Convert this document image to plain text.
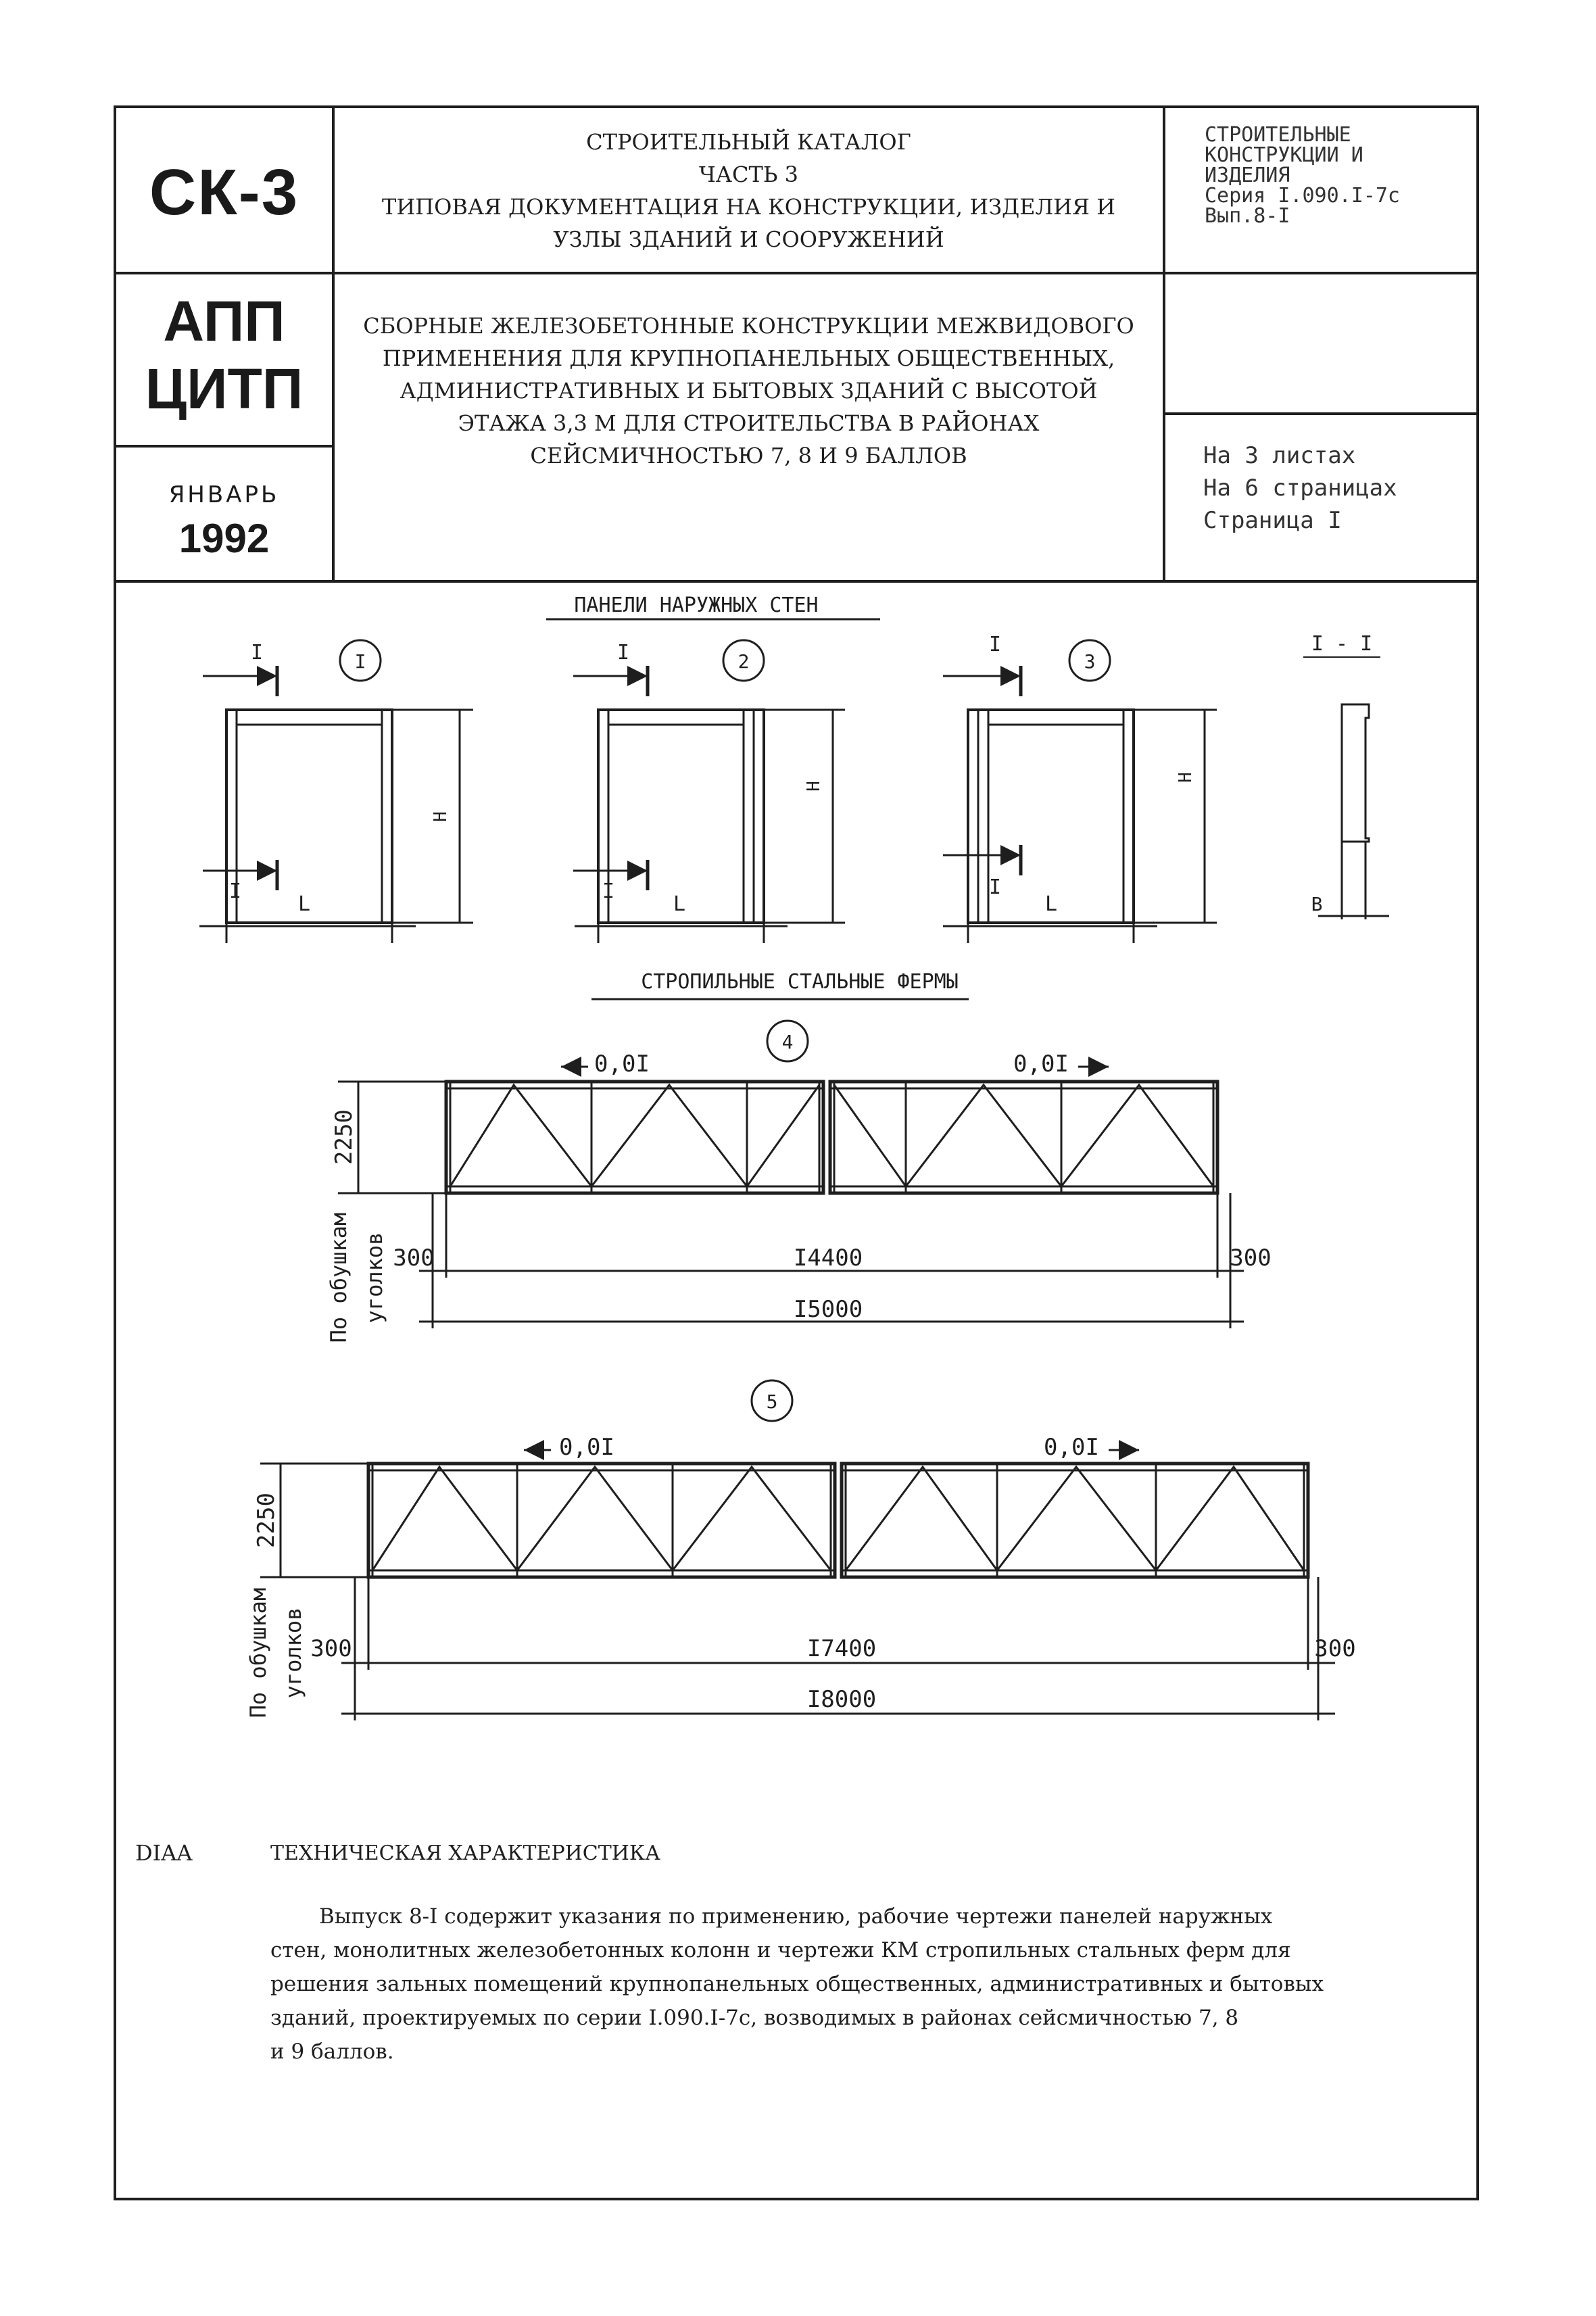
СК-3
АПП
ЦИТП
ЯНВАРЬ
1992
СТРОИТЕЛЬНЫЙ КАТАЛОГ
ЧАСТЬ 3
ТИПОВАЯ ДОКУМЕНТАЦИЯ НА КОНСТРУКЦИИ, ИЗДЕЛИЯ И
УЗЛЫ ЗДАНИЙ И СООРУЖЕНИЙ
СТРОИТЕЛЬНЫЕ
КОНСТРУКЦИИ И
ИЗДЕЛИЯ
Серия I.090.I-7с
Вып.8-I
СБОРНЫЕ ЖЕЛЕЗОБЕТОННЫЕ КОНСТРУКЦИИ МЕЖВИДОВОГО
ПРИМЕНЕНИЯ ДЛЯ КРУПНОПАНЕЛЬНЫХ ОБЩЕСТВЕННЫХ,
АДМИНИСТРАТИВНЫХ И БЫТОВЫХ ЗДАНИЙ С ВЫСОТОЙ
ЭТАЖА 3,3 М ДЛЯ СТРОИТЕЛЬСТВА В РАЙОНАХ
СЕЙСМИЧНОСТЬЮ 7, 8 И 9 БАЛЛОВ	На 3 листах
На 6 страницах
Страница I
ПАНЕЛИ НАРУЖНЫХ СТЕН
I
I
I
L
Н
2
I
I
L
Н
3
I
I
L
Н
I - I
В
СТРОПИЛЬНЫЕ СТАЛЬНЫЕ ФЕРМЫ
4
0,0I	0,0I
2250
I4400
I5000
300	300
По обушкам уголков
5
0,0I	0,0I
2250
I7400
I8000
300	300
По обушкам уголков
DIAA	ТЕХНИЧЕСКАЯ ХАРАКТЕРИСТИКА
Выпуск 8-I содержит указания по применению, рабочие чертежи панелей наружных
стен, монолитных железобетонных колонн и чертежи КМ стропильных стальных ферм для
решения зальных помещений крупнопанельных общественных, административных и бытовых
зданий, проектируемых по серии I.090.I-7с, возводимых в районах сейсмичностью 7, 8
и 9 баллов.
